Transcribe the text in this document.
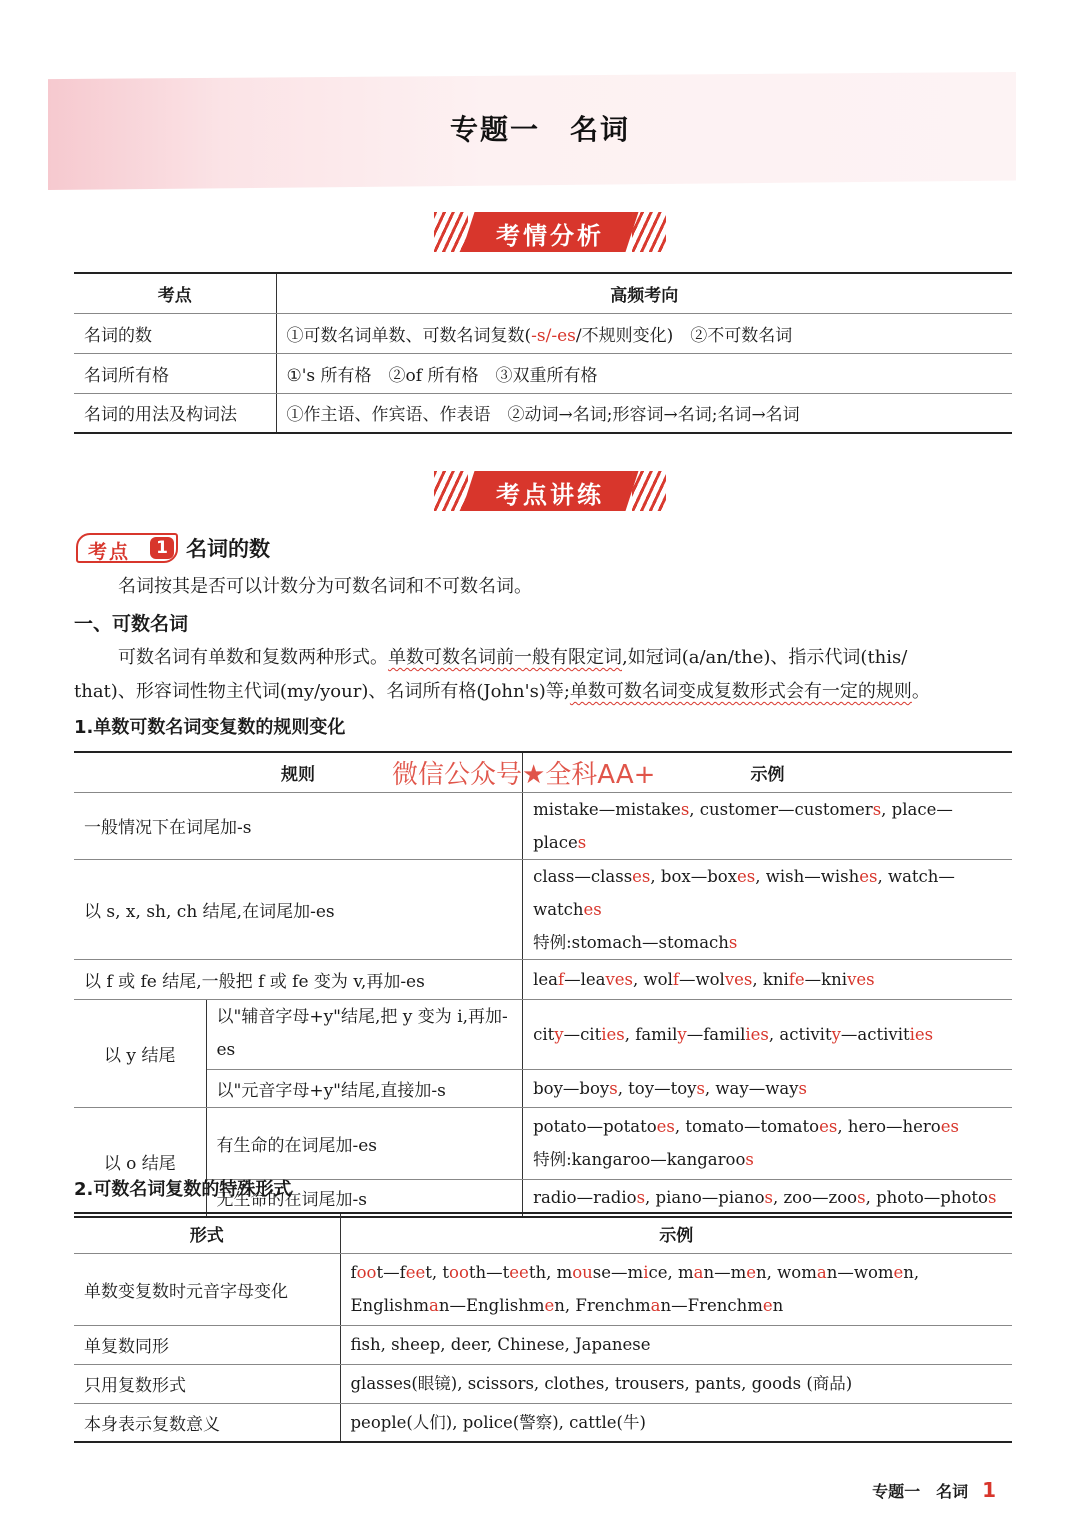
专题一　名词
考情分析
考点	高频考向
名词的数	①可数名词单数、可数名词复数(-s/-es/不规则变化)　②不可数名词
名词所有格	①'s 所有格　②of 所有格　③双重所有格
名词的用法及构词法	①作主语、作宾语、作表语　②动词→名词;形容词→名词;名词→名词
考点讲练
考点	1 名词的数
名词按其是否可以计数分为可数名词和不可数名词。
一、可数名词
可数名词有单数和复数两种形式。单数可数名词前一般有限定词,如冠词(a/an/the)、指示代词(this/
that)、形容词性物主代词(my/your)、名词所有格(John's)等;单数可数名词变成复数形式会有一定的规则。
1.单数可数名词变复数的规则变化
规则		示例
一般情况下在词尾加-s		mistake—mistakes, customer—customers, place—places
以 s, x, sh, ch 结尾,在词尾加-es		class—classes, box—boxes, wish—wishes, watch—watches
特例:stomach—stomachs
以 f 或 fe 结尾,一般把 f 或 fe 变为 v,再加-es		leaf—leaves, wolf—wolves, knife—knives
以 y 结尾	以"辅音字母+y"结尾,把 y 变为 i,再加-es	city—cities, family—families, activity—activities
	以"元音字母+y"结尾,直接加-s	boy—boys, toy—toys, way—ways
以 o 结尾	有生命的在词尾加-es	potato—potatoes, tomato—tomatoes, hero—heroes
特例:kangaroo—kangaroos
	无生命的在词尾加-s	radio—radios, piano—pianos, zoo—zoos, photo—photos
微信公众号★全科AA+
2.可数名词复数的特殊形式
形式	示例
单数变复数时元音字母变化	foot—feet, tooth—teeth, mouse—mice, man—men, woman—women,
Englishman—Englishmen, Frenchman—Frenchmen
单复数同形	fish, sheep, deer, Chinese, Japanese
只用复数形式	glasses(眼镜), scissors, clothes, trousers, pants, goods (商品)
本身表示复数意义	people(人们), police(警察), cattle(牛)
专题一　名词 1
